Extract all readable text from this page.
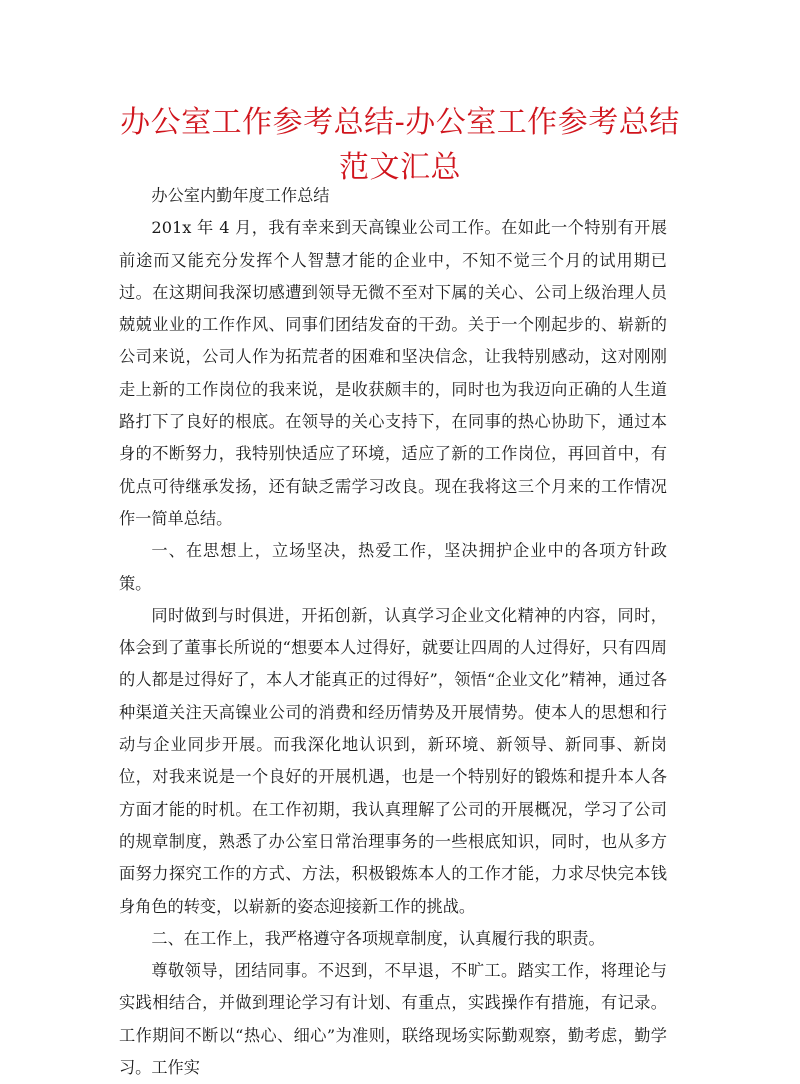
办公室工作参考总结-办公室工作参考总结范文汇总

办公室内勤年度工作总结

201x 年 4 月，我有幸来到天高镍业公司工作。在如此一个特别有开展前途而又能充分发挥个人智慧才能的企业中，不知不觉三个月的试用期已过。在这期间我深切感遭到领导无微不至对下属的关心、公司上级治理人员兢兢业业的工作作风、同事们团结发奋的干劲。关于一个刚起步的、崭新的公司来说，公司人作为拓荒者的困难和坚决信念，让我特别感动，这对刚刚走上新的工作岗位的我来说，是收获颇丰的，同时也为我迈向正确的人生道路打下了良好的根底。在领导的关心支持下，在同事的热心协助下，通过本身的不断努力，我特别快适应了环境，适应了新的工作岗位，再回首中，有优点可待继承发扬，还有缺乏需学习改良。现在我将这三个月来的工作情况作一简单总结。

一、在思想上，立场坚决，热爱工作，坚决拥护企业中的各项方针政策。

同时做到与时俱进，开拓创新，认真学习企业文化精神的内容，同时，体会到了董事长所说的“想要本人过得好，就要让四周的人过得好，只有四周的人都是过得好了，本人才能真正的过得好”，领悟“企业文化”精神，通过各种渠道关注天高镍业公司的消费和经历情势及开展情势。使本人的思想和行动与企业同步开展。而我深化地认识到，新环境、新领导、新同事、新岗位，对我来说是一个良好的开展机遇，也是一个特别好的锻炼和提升本人各方面才能的时机。在工作初期，我认真理解了公司的开展概况，学习了公司的规章制度，熟悉了办公室日常治理事务的一些根底知识，同时，也从多方面努力探究工作的方式、方法，积极锻炼本人的工作才能，力求尽快完本钱身角色的转变，以崭新的姿态迎接新工作的挑战。

二、在工作上，我严格遵守各项规章制度，认真履行我的职责。

尊敬领导，团结同事。不迟到，不早退，不旷工。踏实工作，将理论与实践相结合，并做到理论学习有计划、有重点，实践操作有措施，有记录。工作期间不断以“热心、细心”为准则，联络现场实际勤观察，勤考虑，勤学习。工作实
